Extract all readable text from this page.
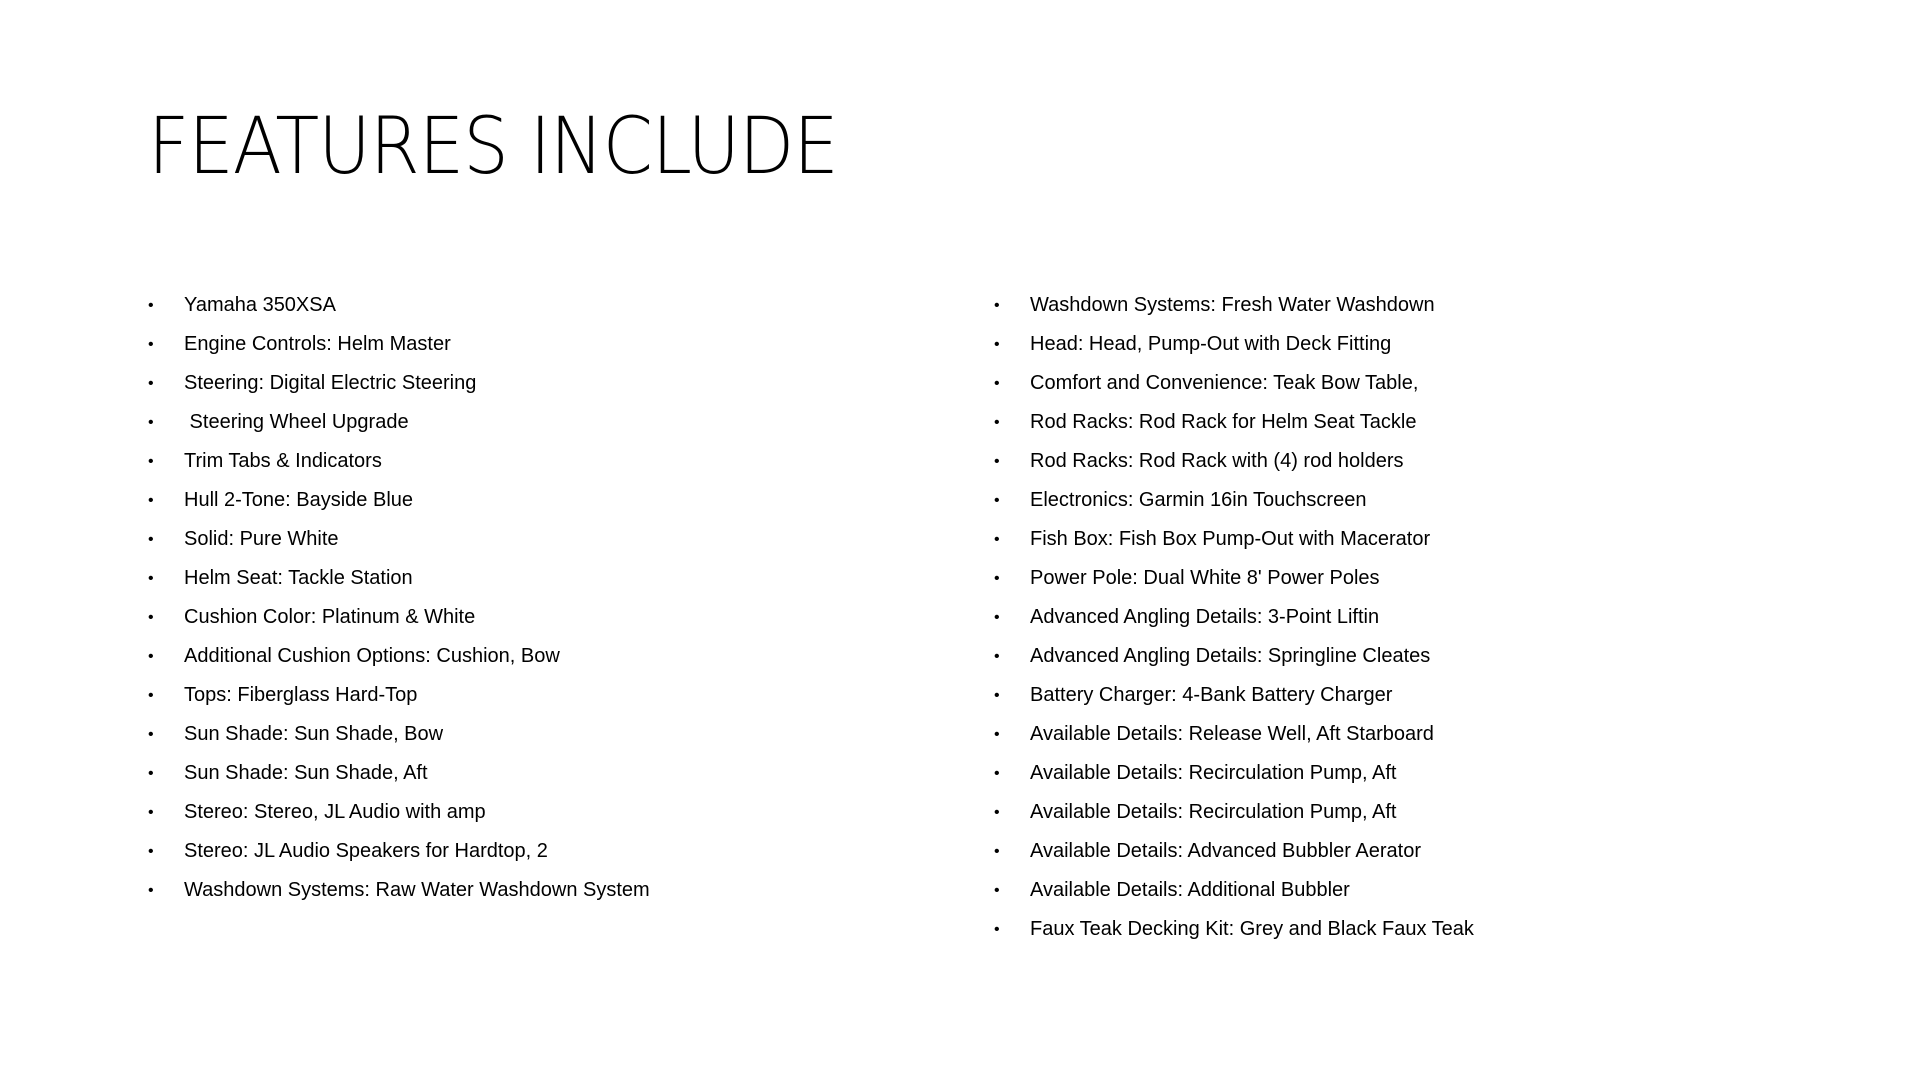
FEATURES INCLUDE
• Yamaha 350XSA
• Engine Controls: Helm Master
• Steering: Digital Electric Steering
• Steering Wheel Upgrade
• Trim Tabs & Indicators
• Hull 2-Tone: Bayside Blue
• Solid: Pure White
• Helm Seat: Tackle Station
• Cushion Color: Platinum & White
• Additional Cushion Options: Cushion, Bow
• Tops: Fiberglass Hard-Top
• Sun Shade: Sun Shade, Bow
• Sun Shade: Sun Shade, Aft
• Stereo: Stereo, JL Audio with amp
• Stereo: JL Audio Speakers for Hardtop, 2
• Washdown Systems: Raw Water Washdown System
• Washdown Systems: Fresh Water Washdown
• Head: Head, Pump-Out with Deck Fitting
• Comfort and Convenience: Teak Bow Table,
• Rod Racks: Rod Rack for Helm Seat Tackle
• Rod Racks: Rod Rack with (4) rod holders
• Electronics: Garmin 16in Touchscreen
• Fish Box: Fish Box Pump-Out with Macerator
• Power Pole: Dual White 8' Power Poles
• Advanced Angling Details: 3-Point Liftin
• Advanced Angling Details: Springline Cleates
• Battery Charger: 4-Bank Battery Charger
• Available Details: Release Well, Aft Starboard
• Available Details: Recirculation Pump, Aft
• Available Details: Recirculation Pump, Aft
• Available Details: Advanced Bubbler Aerator
• Available Details: Additional Bubbler
• Faux Teak Decking Kit: Grey and Black Faux Teak
